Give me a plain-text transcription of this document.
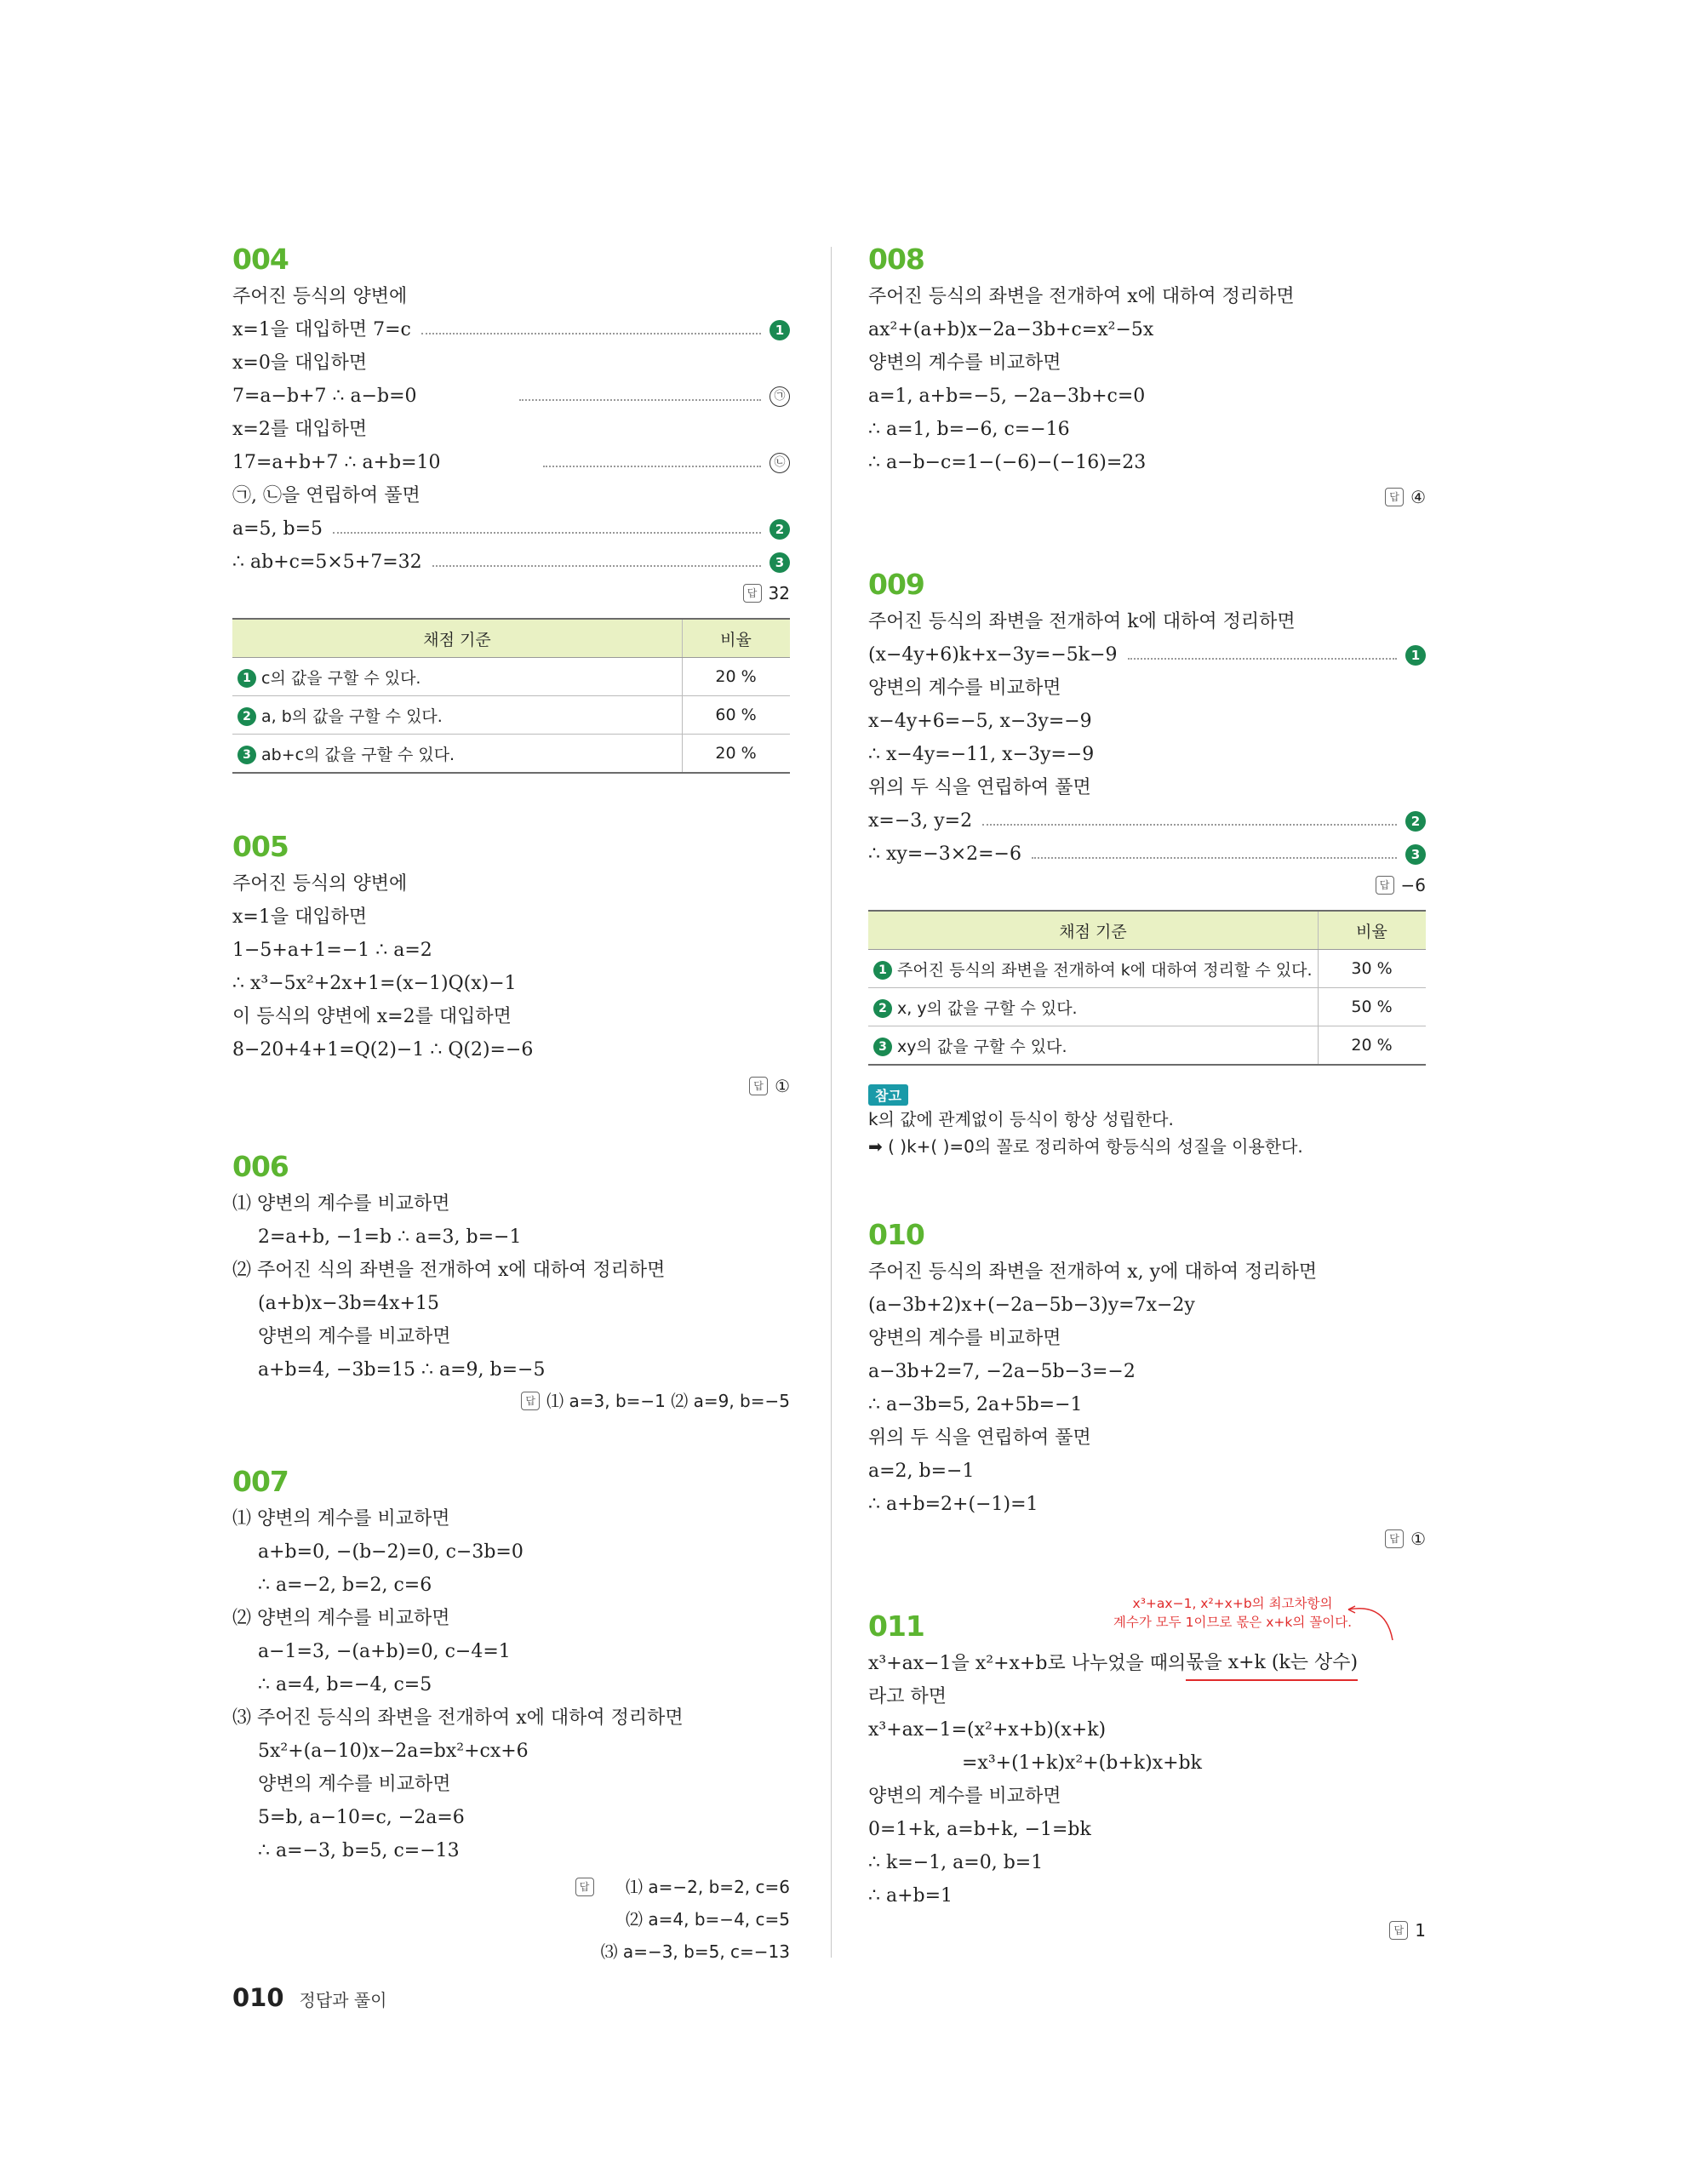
004
주어진 등식의 양변에
x=1을 대입하면 7=c	1
x=0을 대입하면
7=a−b+7 ∴ a−b=0	㉠
x=2를 대입하면
17=a+b+7 ∴ a+b=10	㉡
㉠, ㉡을 연립하여 풀면
a=5, b=5	2
∴ ab+c=5×5+7=32	3
답 32
채점 기준	비율
1 c의 값을 구할 수 있다.	20 %
2 a, b의 값을 구할 수 있다.	60 %
3 ab+c의 값을 구할 수 있다.	20 %
005
주어진 등식의 양변에
x=1을 대입하면
1−5+a+1=−1 ∴ a=2
∴ x³−5x²+2x+1=(x−1)Q(x)−1
이 등식의 양변에 x=2를 대입하면
8−20+4+1=Q(2)−1 ∴ Q(2)=−6
답 ①
006
⑴ 양변의 계수를 비교하면
2=a+b, −1=b ∴ a=3, b=−1
⑵ 주어진 식의 좌변을 전개하여 x에 대하여 정리하면
(a+b)x−3b=4x+15
양변의 계수를 비교하면
a+b=4, −3b=15 ∴ a=9, b=−5
답 ⑴ a=3, b=−1 ⑵ a=9, b=−5
007
⑴ 양변의 계수를 비교하면
a+b=0, −(b−2)=0, c−3b=0
∴ a=−2, b=2, c=6
⑵ 양변의 계수를 비교하면
a−1=3, −(a+b)=0, c−4=1
∴ a=4, b=−4, c=5
⑶ 주어진 등식의 좌변을 전개하여 x에 대하여 정리하면
5x²+(a−10)x−2a=bx²+cx+6
양변의 계수를 비교하면
5=b, a−10=c, −2a=6
∴ a=−3, b=5, c=−13
답	⑴ a=−2, b=2, c=6
⑵ a=4, b=−4, c=5
⑶ a=−3, b=5, c=−13
008
주어진 등식의 좌변을 전개하여 x에 대하여 정리하면
ax²+(a+b)x−2a−3b+c=x²−5x
양변의 계수를 비교하면
a=1, a+b=−5, −2a−3b+c=0
∴ a=1, b=−6, c=−16
∴ a−b−c=1−(−6)−(−16)=23
답 ④
009
주어진 등식의 좌변을 전개하여 k에 대하여 정리하면
(x−4y+6)k+x−3y=−5k−9	1
양변의 계수를 비교하면
x−4y+6=−5, x−3y=−9
∴ x−4y=−11, x−3y=−9
위의 두 식을 연립하여 풀면
x=−3, y=2	2
∴ xy=−3×2=−6	3
답 −6
채점 기준	비율
1 주어진 등식의 좌변을 전개하여 k에 대하여 정리할 수 있다.	30 %
2 x, y의 값을 구할 수 있다.	50 %
3 xy의 값을 구할 수 있다.	20 %
참고
k의 값에 관계없이 등식이 항상 성립한다.
➡ ( )k+( )=0의 꼴로 정리하여 항등식의 성질을 이용한다.
010
주어진 등식의 좌변을 전개하여 x, y에 대하여 정리하면
(a−3b+2)x+(−2a−5b−3)y=7x−2y
양변의 계수를 비교하면
a−3b+2=7, −2a−5b−3=−2
∴ a−3b=5, 2a+5b=−1
위의 두 식을 연립하여 풀면
a=2, b=−1
∴ a+b=2+(−1)=1
답 ①
x³+ax−1, x²+x+b의 최고차항의
계수가 모두 1이므로 몫은 x+k의 꼴이다.
011
x³+ax−1을 x²+x+b로 나누었을 때의 몫을 x+k (k는 상수)
라고 하면
x³+ax−1=(x²+x+b)(x+k)
=x³+(1+k)x²+(b+k)x+bk
양변의 계수를 비교하면
0=1+k, a=b+k, −1=bk
∴ k=−1, a=0, b=1
∴ a+b=1
답 1
010 정답과 풀이
